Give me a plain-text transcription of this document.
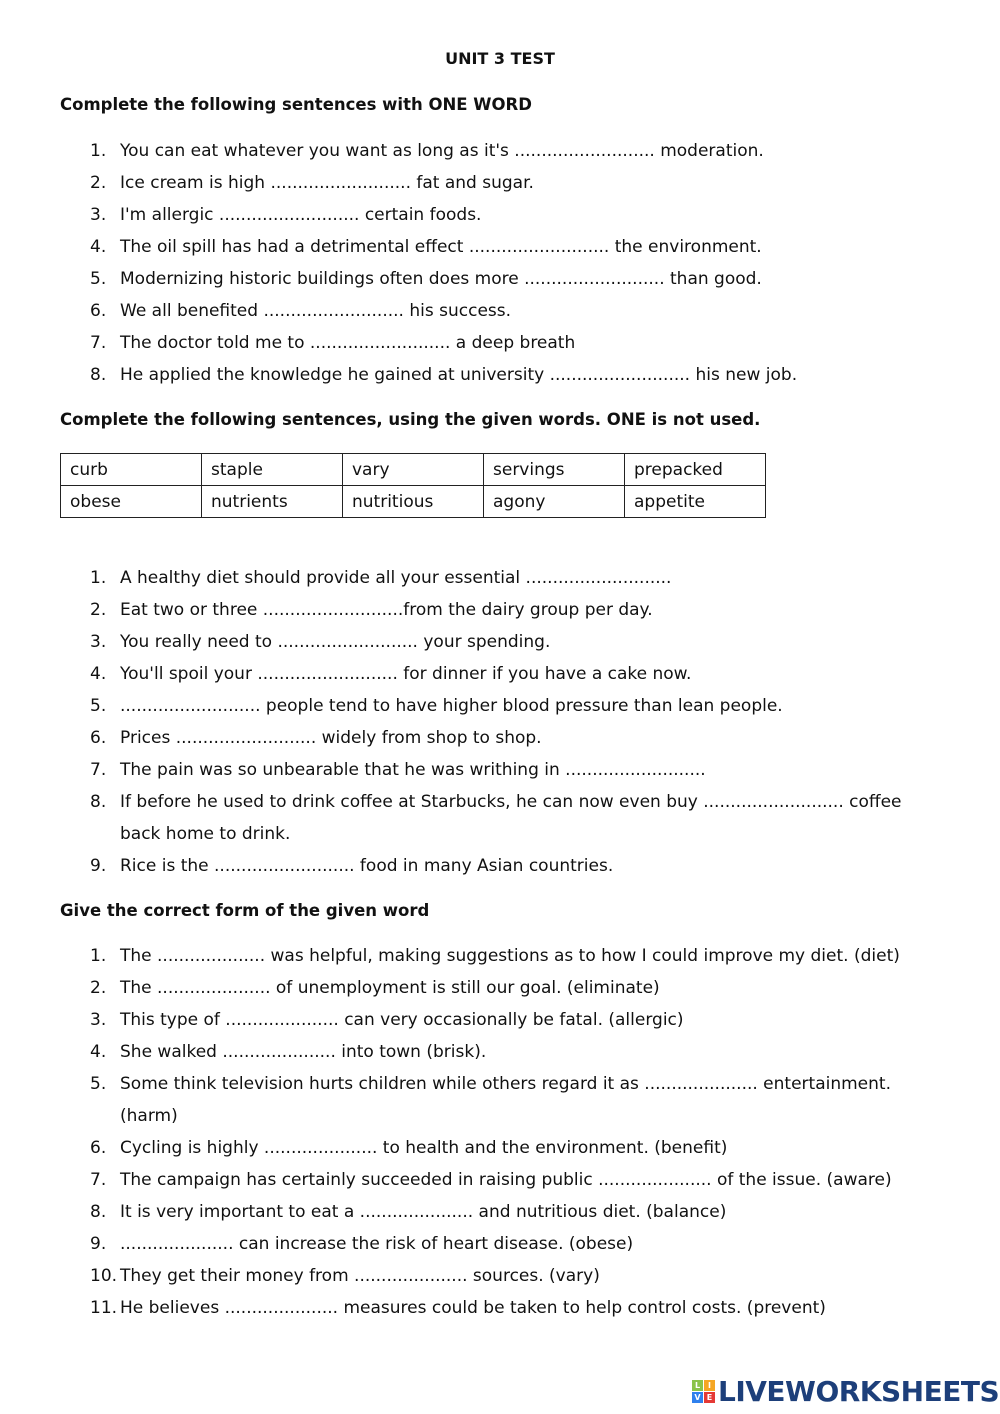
UNIT 3 TEST
Complete the following sentences with ONE WORD
1. You can eat whatever you want as long as it's .......................... moderation.
2. Ice cream is high .......................... fat and sugar.
3. I'm allergic .......................... certain foods.
4. The oil spill has had a detrimental effect .......................... the environment.
5. Modernizing historic buildings often does more .......................... than good.
6. We all benefited .......................... his success.
7. The doctor told me to .......................... a deep breath
8. He applied the knowledge he gained at university .......................... his new job.
Complete the following sentences, using the given words. ONE is not used.
curb	staple	vary	servings	prepacked
obese	nutrients	nutritious	agony	appetite
1. A healthy diet should provide all your essential ...........................
2. Eat two or three ..........................from the dairy group per day.
3. You really need to .......................... your spending.
4. You'll spoil your .......................... for dinner if you have a cake now.
5. .......................... people tend to have higher blood pressure than lean people.
6. Prices .......................... widely from shop to shop.
7. The pain was so unbearable that he was writhing in ..........................
8. If before he used to drink coffee at Starbucks, he can now even buy .......................... coffee back home to drink.
9. Rice is the .......................... food in many Asian countries.
Give the correct form of the given word
1. The .................... was helpful, making suggestions as to how I could improve my diet. (diet)
2. The ..................... of unemployment is still our goal. (eliminate)
3. This type of ..................... can very occasionally be fatal. (allergic)
4. She walked ..................... into town (brisk).
5. Some think television hurts children while others regard it as ..................... entertainment. (harm)
6. Cycling is highly ..................... to health and the environment. (benefit)
7. The campaign has certainly succeeded in raising public ..................... of the issue. (aware)
8. It is very important to eat a ..................... and nutritious diet. (balance)
9. ..................... can increase the risk of heart disease. (obese)
10. They get their money from ..................... sources. (vary)
11. He believes ..................... measures could be taken to help control costs. (prevent)
L I
V E LIVEWORKSHEETS
